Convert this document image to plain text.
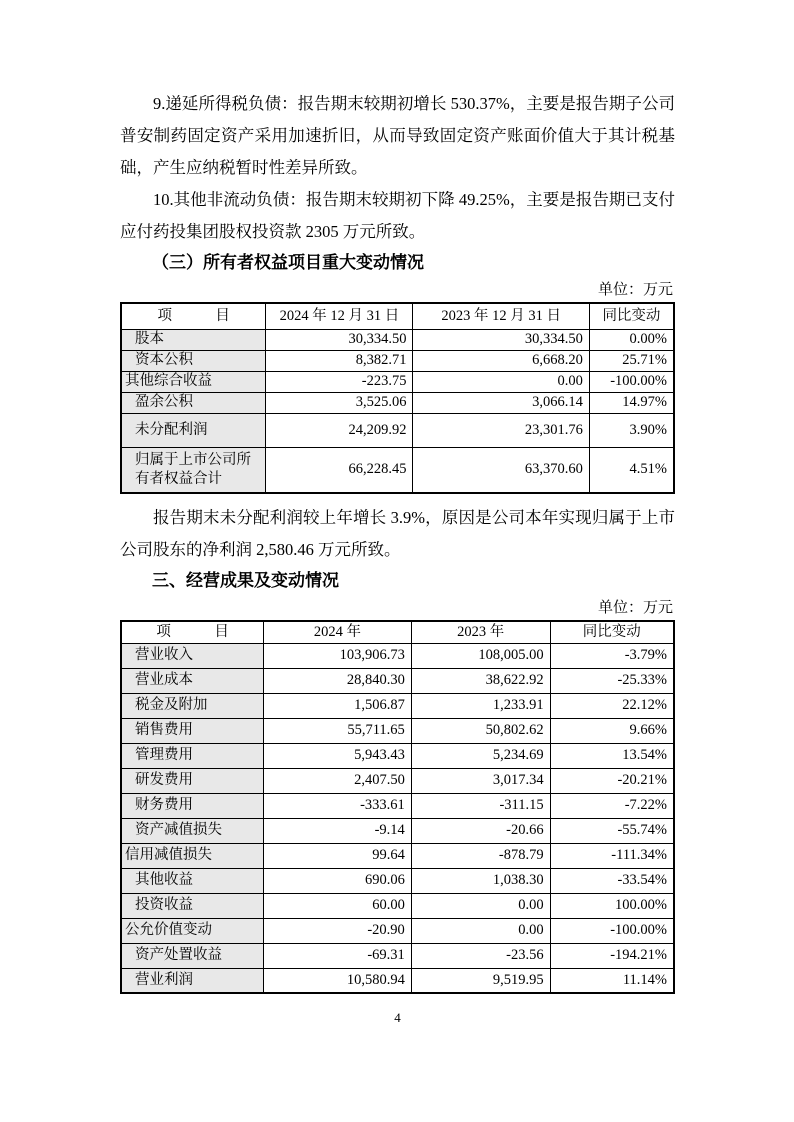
9.递延所得税负债：报告期末较期初增长 530.37%，主要是报告期子公司普安制药固定资产采用加速折旧，从而导致固定资产账面价值大于其计税基础，产生应纳税暂时性差异所致。

10.其他非流动负债：报告期末较期初下降 49.25%，主要是报告期已支付应付药投集团股权投资款 2305 万元所致。

（三）所有者权益项目重大变动情况
单位：万元
项　　　目	2024 年 12 月 31 日	2023 年 12 月 31 日	同比变动
股本	30,334.50	30,334.50	0.00%
资本公积	8,382.71	6,668.20	25.71%
其他综合收益	-223.75	0.00	-100.00%
盈余公积	3,525.06	3,066.14	14.97%
未分配利润	24,209.92	23,301.76	3.90%
归属于上市公司所有者权益合计	66,228.45	63,370.60	4.51%

报告期末未分配利润较上年增长 3.9%，原因是公司本年实现归属于上市公司股东的净利润 2,580.46 万元所致。

三、经营成果及变动情况
单位：万元
项　　　目	2024 年	2023 年	同比变动
营业收入	103,906.73	108,005.00	-3.79%
营业成本	28,840.30	38,622.92	-25.33%
税金及附加	1,506.87	1,233.91	22.12%
销售费用	55,711.65	50,802.62	9.66%
管理费用	5,943.43	5,234.69	13.54%
研发费用	2,407.50	3,017.34	-20.21%
财务费用	-333.61	-311.15	-7.22%
资产减值损失	-9.14	-20.66	-55.74%
信用减值损失	99.64	-878.79	-111.34%
其他收益	690.06	1,038.30	-33.54%
投资收益	60.00	0.00	100.00%
公允价值变动	-20.90	0.00	-100.00%
资产处置收益	-69.31	-23.56	-194.21%
营业利润	10,580.94	9,519.95	11.14%
4
